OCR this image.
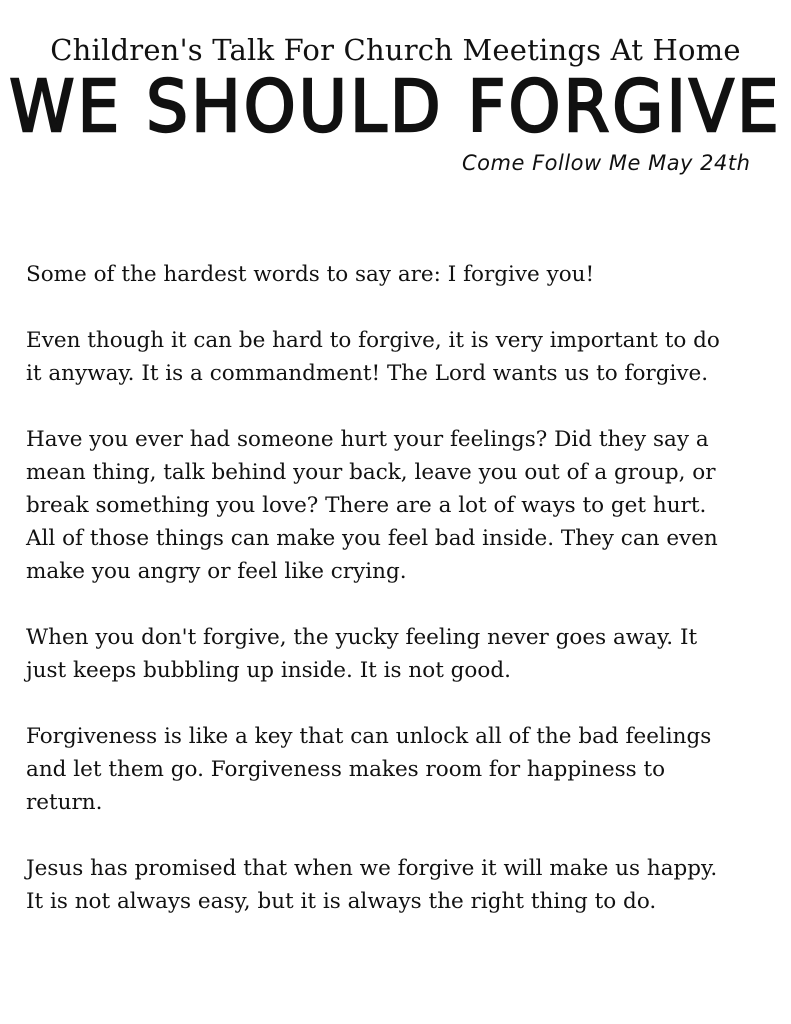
Children's Talk For Church Meetings At Home
WE SHOULD FORGIVE
Come Follow Me May 24th

Some of the hardest words to say are: I forgive you!

Even though it can be hard to forgive, it is very important to do
it anyway. It is a commandment! The Lord wants us to forgive.

Have you ever had someone hurt your feelings? Did they say a
mean thing, talk behind your back, leave you out of a group, or
break something you love? There are a lot of ways to get hurt.
All of those things can make you feel bad inside. They can even
make you angry or feel like crying.

When you don't forgive, the yucky feeling never goes away. It
just keeps bubbling up inside. It is not good.

Forgiveness is like a key that can unlock all of the bad feelings
and let them go. Forgiveness makes room for happiness to
return.

Jesus has promised that when we forgive it will make us happy.
It is not always easy, but it is always the right thing to do.
